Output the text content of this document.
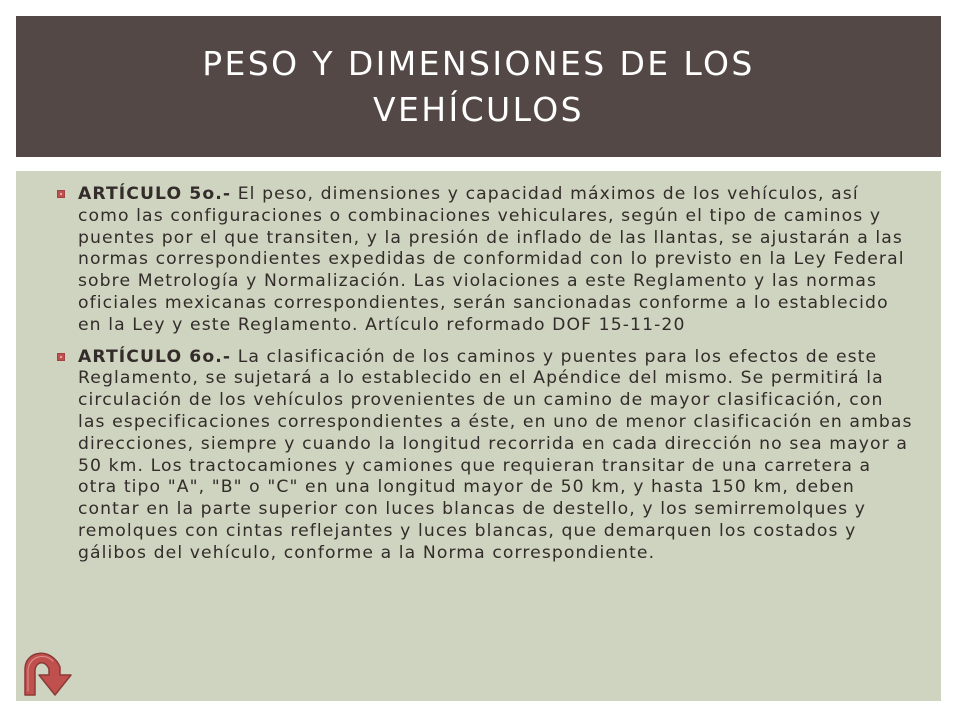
PESO Y DIMENSIONES DE LOS VEHÍCULOS
ARTÍCULO 5o.- El peso, dimensiones y capacidad máximos de los vehículos, así como las configuraciones o combinaciones vehiculares, según el tipo de caminos y puentes por el que transiten, y la presión de inflado de las llantas, se ajustarán a las normas correspondientes expedidas de conformidad con lo previsto en la Ley Federal sobre Metrología y Normalización. Las violaciones a este Reglamento y las normas oficiales mexicanas correspondientes, serán sancionadas conforme a lo establecido en la Ley y este Reglamento. Artículo reformado DOF 15-11-20
ARTÍCULO 6o.- La clasificación de los caminos y puentes para los efectos de este Reglamento, se sujetará a lo establecido en el Apéndice del mismo. Se permitirá la circulación de los vehículos provenientes de un camino de mayor clasificación, con las especificaciones correspondientes a éste, en uno de menor clasificación en ambas direcciones, siempre y cuando la longitud recorrida en cada dirección no sea mayor a 50 km. Los tractocamiones y camiones que requieran transitar de una carretera a otra tipo "A", "B" o "C" en una longitud mayor de 50 km, y hasta 150 km, deben contar en la parte superior con luces blancas de destello, y los semirremolques y remolques con cintas reflejantes y luces blancas, que demarquen los costados y gálibos del vehículo, conforme a la Norma correspondiente.
